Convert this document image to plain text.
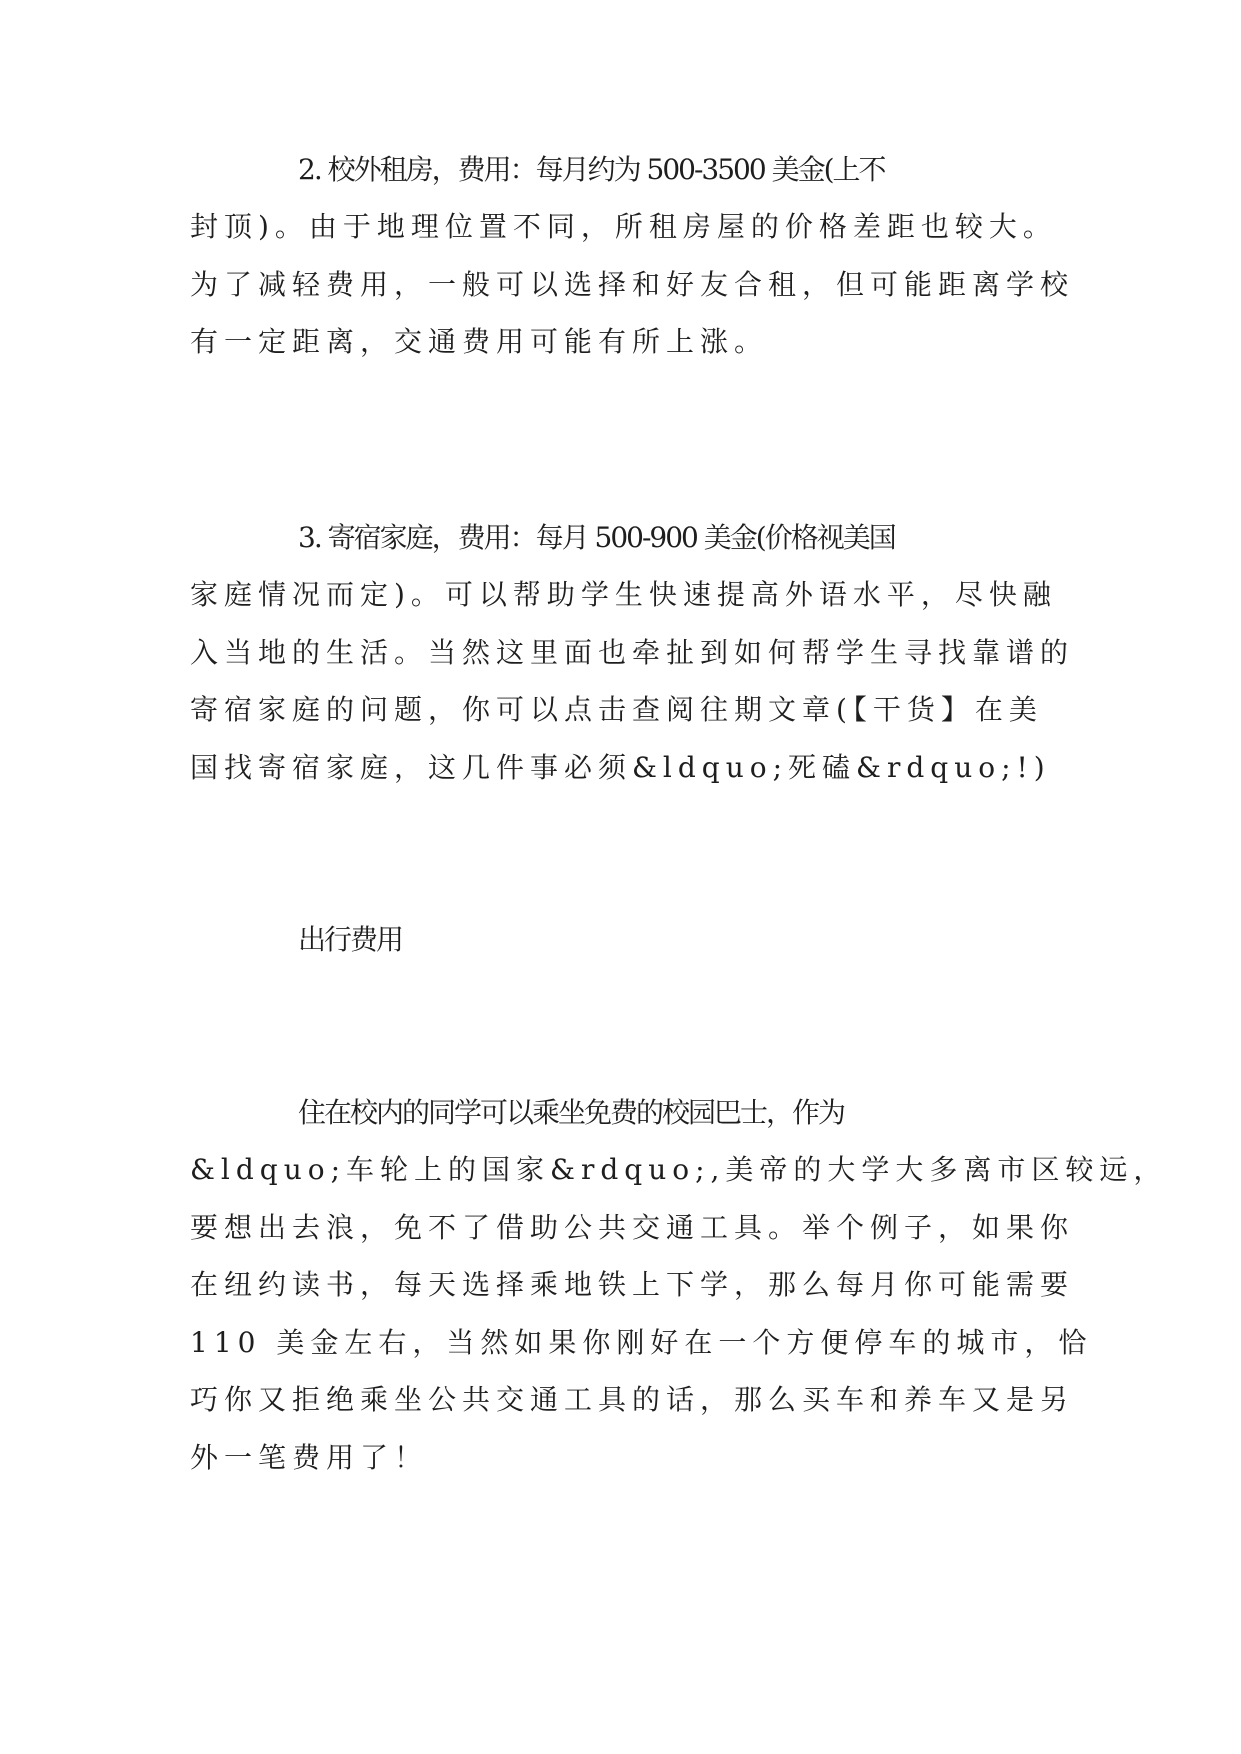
2. 校外租房，费用：每月约为 500-3500 美金(上不
封顶)。由于地理位置不同，所租房屋的价格差距也较大。
为了减轻费用，一般可以选择和好友合租，但可能距离学校
有一定距离，交通费用可能有所上涨。
3. 寄宿家庭，费用：每月 500-900 美金(价格视美国
家庭情况而定)。可以帮助学生快速提高外语水平，尽快融
入当地的生活。当然这里面也牵扯到如何帮学生寻找靠谱的
寄宿家庭的问题，你可以点击查阅往期文章(【干货】在美
国找寄宿家庭，这几件事必须&ldquo;死磕&rdquo;!)
出行费用
住在校内的同学可以乘坐免费的校园巴士，作为
&ldquo;车轮上的国家&rdquo;,美帝的大学大多离市区较远，
要想出去浪，免不了借助公共交通工具。举个例子，如果你
在纽约读书，每天选择乘地铁上下学，那么每月你可能需要
110 美金左右，当然如果你刚好在一个方便停车的城市，恰
巧你又拒绝乘坐公共交通工具的话，那么买车和养车又是另
外一笔费用了！
